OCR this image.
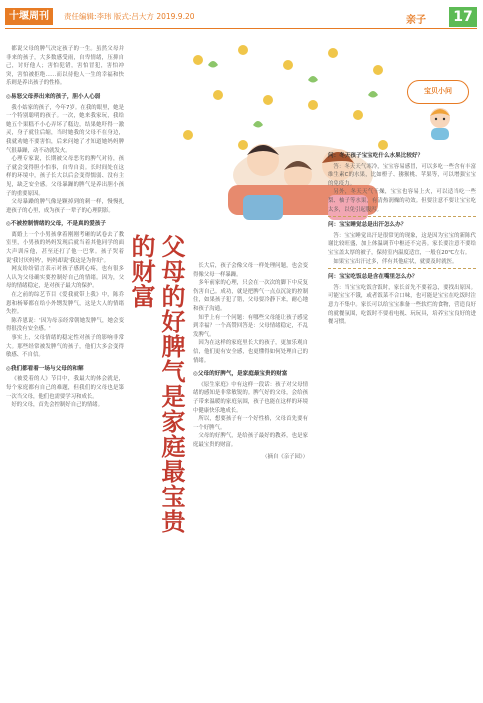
十堰周刊	责任编辑:李玮 版式:吕大方 2019.9.20	亲子	17
宝贝小问
父母的好脾气是家庭最宝贵的财富

都说父母的脾气决定孩子的一生。虽然父母并非来的孩子，大多数感受雨，自卑情绪，压抑自己，讨好他人；害怕犯错，害怕冒犯，害怕冲突，害怕被拒绝……而以待他人一生的幸福和快乐则是养出孩子的性格。

◎易怒父母养出来的孩子，胆小人心弱

我小姑家的孩子，今年7岁。在我的眼里，她是一个特别聪明的孩子。一次，她来我家玩，我给她五个果糕不小心弄坏了糕边，结果她吓得一激灵，身子就往后缩，当时她我的父母不在身边，我就劝她不要害怕，后来问她了才知道她妈妈脾气很暴躁，动不动就发火。

心理专家说，长期被父母恶劣的脾气对待，孩子就会变得胆小怕事，自卑自责。长时间处在这样的环境中，孩子长大以后会变得懦弱、没有主见，缺乏安全感。父母暴躁的脾气是养出胆小孩子的重要原因。

父母暴躁的脾气像是颗掉到的刺一样，慢慢扎进孩子的心里，成为孩子一辈子的心理阴影。

◎不被控制情绪的父母，不是真的爱孩子

离婚上一个小男孩拿着刚刚考砸的试卷去了教室里，小男孩的妈妈发现后就当着其他同学的面大声训斥他，甚至还打了他一巴掌。孩子哭着说'我讨厌妈妈'，妈妈却说'我这是为你好'。

网友纷纷留言表示对孩子感到心疼，也有很多人认为父母确实要控制好自己的情绪。因为，父母的情绪稳定，是对孩子最大的保护。

在之前的综艺节目《爱我就带上我》中，陈乔恩和杨幂都在给小外甥发脾气，这是大人的情绪失控。

陈乔恩说：'因为母亲经常朝她发脾气，她会变得很没有安全感。'

事实上，父母情绪的稳定性对孩子的影响非常大。那些经常被发脾气的孩子，他们大多会变得敏感、不自信。

◎我们都看着一场与父母的和解

《被爱着的人》节目中，我最大的体会就是，每个家庭都有自己的难题，但我们的父母也是第一次当父母，他们也需要学习和成长。

好的父母，首先会控制好自己的情绪。

长大后，孩子会像父母一样处理问题，也会变得像父母一样暴躁。

多年前家的心理，只会在一次次的脚下中反复伤害自己。成功，就是把脾气一点点沉淀的控制住，如果孩子犯了错，父母要冷静下来，耐心地和孩子沟通。

知乎上有一个问题：有哪些父母能让孩子感觉到幸福？一个高赞回答是：父母情绪稳定，不乱发脾气。

因为在这样的家庭里长大的孩子，更加乐观自信，他们更有安全感，也更懂得如何处理自己的情绪。

◎父母的好脾气，是家庭最宝贵的财富

《原生家庭》中有这样一段话：孩子对父母情绪的感知是非常敏锐的。脾气好的父母，会给孩子带来温暖的家庭氛围，孩子也能在这样的环境中健康快乐地成长。

所以，想要孩子有一个好性格，父母首先要有一个好脾气。

父母的好脾气，是给孩子最好的教养，也是家庭最宝贵的财富。

（摘自《亲子园》）

问：冬天孩子宝宝吃什么水果比较好？

答：冬天天气寒冷，宝宝容易感冒，可以多吃一些含有丰富维生素C的水果，比如橙子、猕猴桃、苹果等，可以增强宝宝的免疫力。

另外，冬天天气干燥，宝宝也容易上火，可以适当吃一些梨、柚子等水果，有清热润燥的功效。但要注意不要让宝宝吃太多，以免引起腹泻。

问：宝宝睡觉总是出汗怎么办？

答：宝宝睡觉出汗是很常见的现象，这是因为宝宝的新陈代谢比较旺盛，加上体温调节中枢还不完善。家长要注意不要给宝宝盖太厚的被子，保持室内温度适宜，一般在20℃左右。

如果宝宝出汗过多，伴有其他症状，就要及时就医。

问：宝宝吃饭总是含在嘴里怎么办？

答：当宝宝吃饭含饭时，家长首先不要着急，要找出原因。可能宝宝不饿，或者饭菜不合口味，也可能是宝宝在吃饭时注意力不集中。家长可以给宝宝准备一些软烂的食物，营造良好的就餐氛围，吃饭时不要看电视、玩玩具，培养宝宝良好的进餐习惯。
